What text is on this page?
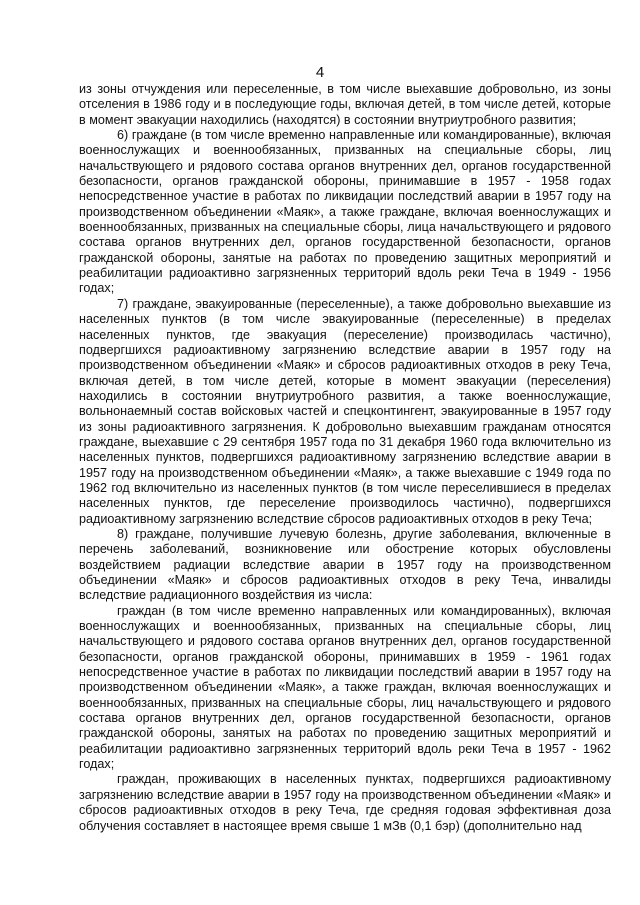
4

из зоны отчуждения или переселенные, в том числе выехавшие добровольно, из зоны отселения в 1986 году и в последующие годы, включая детей, в том числе детей, которые в момент эвакуации находились (находятся) в состоянии внутриутробного развития;

6) граждане (в том числе временно направленные или командированные), включая военнослужащих и военнообязанных, призванных на специальные сборы, лиц начальствующего и рядового состава органов внутренних дел, органов государственной безопасности, органов гражданской обороны, принимавшие в 1957 - 1958 годах непосредственное участие в работах по ликвидации последствий аварии в 1957 году на производственном объединении «Маяк», а также граждане, включая военнослужащих и военнообязанных, призванных на специальные сборы, лица начальствующего и рядового состава органов внутренних дел, органов государственной безопасности, органов гражданской обороны, занятые на работах по проведению защитных мероприятий и реабилитации радиоактивно загрязненных территорий вдоль реки Теча в 1949 - 1956 годах;

7) граждане, эвакуированные (переселенные), а также добровольно выехавшие из населенных пунктов (в том числе эвакуированные (переселенные) в пределах населенных пунктов, где эвакуация (переселение) производилась частично), подвергшихся радиоактивному загрязнению вследствие аварии в 1957 году на производственном объединении «Маяк» и сбросов радиоактивных отходов в реку Теча, включая детей, в том числе детей, которые в момент эвакуации (переселения) находились в состоянии внутриутробного развития, а также военнослужащие, вольнонаемный состав войсковых частей и спецконтингент, эвакуированные в 1957 году из зоны радиоактивного загрязнения. К добровольно выехавшим гражданам относятся граждане, выехавшие с 29 сентября 1957 года по 31 декабря 1960 года включительно из населенных пунктов, подвергшихся радиоактивному загрязнению вследствие аварии в 1957 году на производственном объединении «Маяк», а также выехавшие с 1949 года по 1962 год включительно из населенных пунктов (в том числе переселившиеся в пределах населенных пунктов, где переселение производилось частично), подвергшихся радиоактивному загрязнению вследствие сбросов радиоактивных отходов в реку Теча;

8) граждане, получившие лучевую болезнь, другие заболевания, включенные в перечень заболеваний, возникновение или обострение которых обусловлены воздействием радиации вследствие аварии в 1957 году на производственном объединении «Маяк» и сбросов радиоактивных отходов в реку Теча, инвалиды вследствие радиационного воздействия из числа:

граждан (в том числе временно направленных или командированных), включая военнослужащих и военнообязанных, призванных на специальные сборы, лиц начальствующего и рядового состава органов внутренних дел, органов государственной безопасности, органов гражданской обороны, принимавших в 1959 - 1961 годах непосредственное участие в работах по ликвидации последствий аварии в 1957 году на производственном объединении «Маяк», а также граждан, включая военнослужащих и военнообязанных, призванных на специальные сборы, лиц начальствующего и рядового состава органов внутренних дел, органов государственной безопасности, органов гражданской обороны, занятых на работах по проведению защитных мероприятий и реабилитации радиоактивно загрязненных территорий вдоль реки Теча в 1957 - 1962 годах;

граждан, проживающих в населенных пунктах, подвергшихся радиоактивному загрязнению вследствие аварии в 1957 году на производственном объединении «Маяк» и сбросов радиоактивных отходов в реку Теча, где средняя годовая эффективная доза облучения составляет в настоящее время свыше 1 мЗв (0,1 бэр) (дополнительно над
